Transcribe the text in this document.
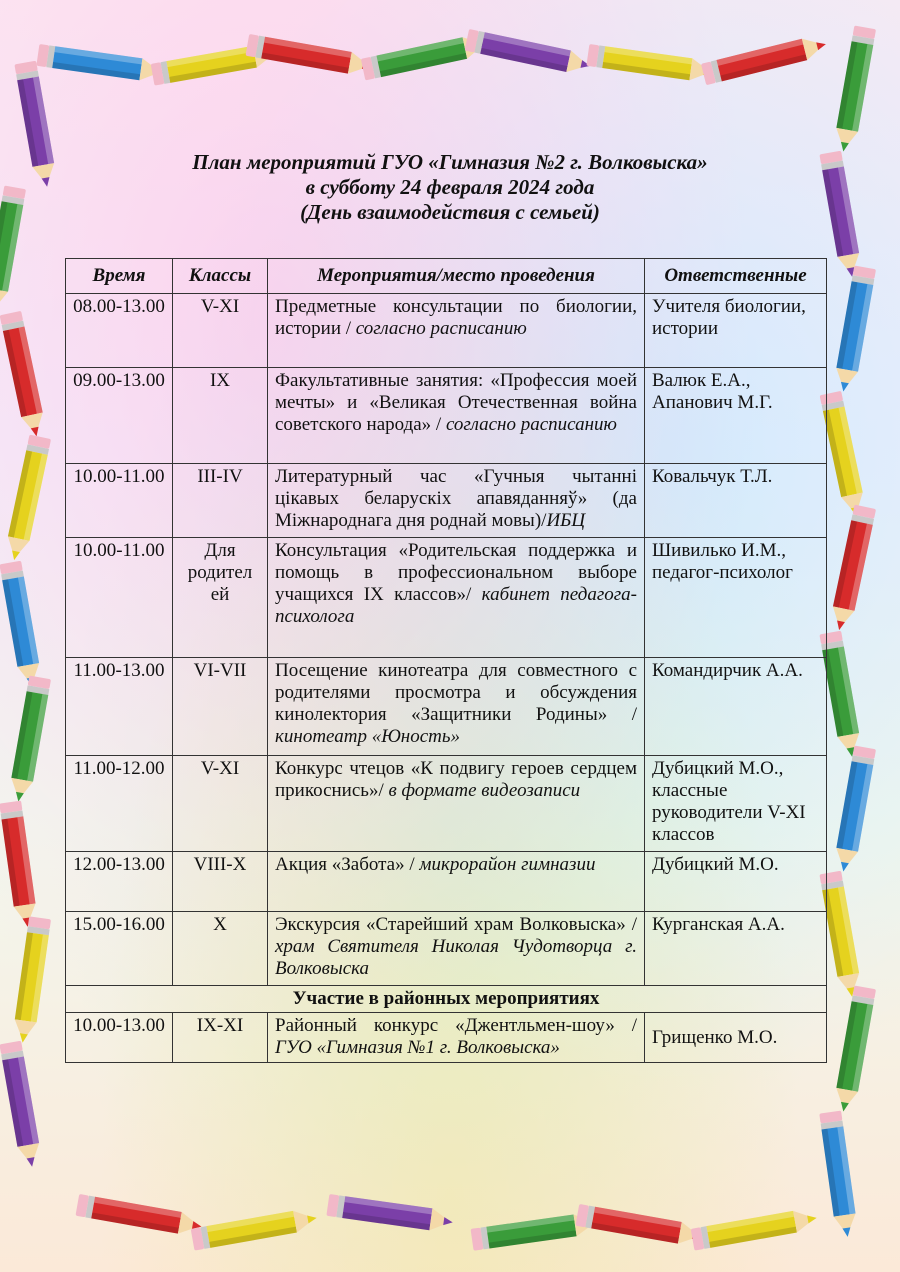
План мероприятий ГУО «Гимназия №2 г. Волковыска»
в субботу 24 февраля 2024 года
(День взаимодействия с семьей)
Время	Классы	Мероприятия/место проведения	Ответственные
08.00-13.00	V-XI	Предметные консультации по биологии, истории / согласно расписанию	Учителя биологии, истории
09.00-13.00	IX	Факультативные занятия: «Профессия моей мечты» и «Великая Отечественная война советского народа» / согласно расписанию	Валюк Е.А., Апанович М.Г.
10.00-11.00	III-IV	Литературный час «Гучныя чытанні цікавых беларускіх апавяданняў» (да Міжнароднага дня роднай мовы)/ИБЦ	Ковальчук Т.Л.
10.00-11.00	Для родител ей	Консультация «Родительская поддержка и помощь в профессиональном выборе учащихся IX классов»/ кабинет педагога-психолога	Шивилько И.М., педагог-психолог
11.00-13.00	VI-VII	Посещение кинотеатра для совместного с родителями просмотра и обсуждения кинолектория «Защитники Родины» /кинотеатр «Юность»	Командирчик А.А.
11.00-12.00	V-XI	Конкурс чтецов «К подвигу героев сердцем прикоснись»/ в формате видеозаписи	Дубицкий М.О., классные руководители V-XI классов
12.00-13.00	VIII-X	Акция «Забота» / микрорайон гимназии	Дубицкий М.О.
15.00-16.00	X	Экскурсия «Старейший храм Волковыска» /храм Святителя Николая Чудотворца г. Волковыска	Курганская А.А.
Участие в районных мероприятиях			
10.00-13.00	IX-XI	Районный конкурс «Джентльмен-шоу» / ГУО «Гимназия №1 г. Волковыска»	Грищенко М.О.
